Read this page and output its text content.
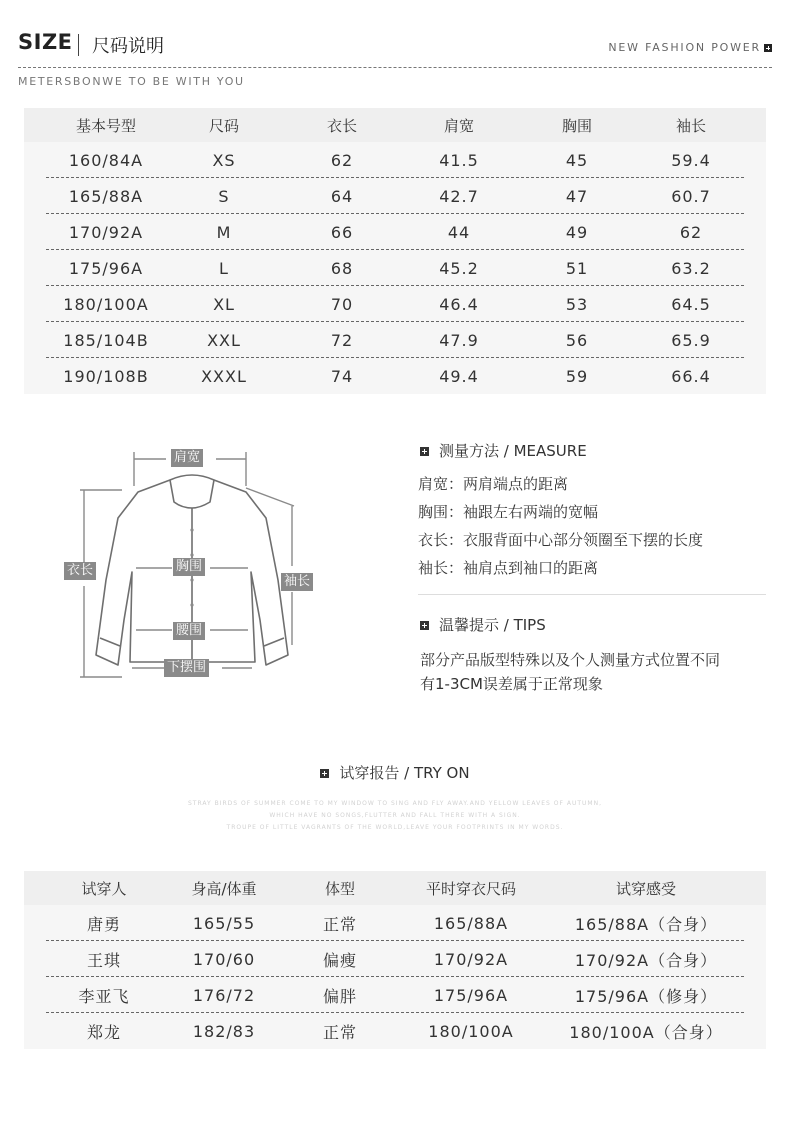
SIZE 尺码说明	NEW FASHION POWER
METERSBONWE TO BE WITH YOU
基本号型	尺码	衣长	肩宽	胸围	袖长
160/84A	XS	62	41.5	45	59.4
165/88A	S	64	42.7	47	60.7
170/92A	M	66	44	49	62
175/96A	L	68	45.2	51	63.2
180/100A	XL	70	46.4	53	64.5
185/104B	XXL	72	47.9	56	65.9
190/108B	XXXL	74	49.4	59	66.4
肩宽
衣长	胸围
袖长
腰围
下摆围
测量方法 / MEASURE
肩宽：两肩端点的距离
胸围：袖跟左右两端的宽幅
衣长：衣服背面中心部分领圈至下摆的长度
袖长：袖肩点到袖口的距离
温馨提示 / TIPS
部分产品版型特殊以及个人测量方式位置不同
有1-3CM误差属于正常现象
试穿报告 / TRY ON
STRAY BIRDS OF SUMMER COME TO MY WINDOW TO SING AND FLY AWAY.AND YELLOW LEAVES OF AUTUMN,
WHICH HAVE NO SONGS,FLUTTER AND FALL THERE WITH A SIGN.
TROUPE OF LITTLE VAGRANTS OF THE WORLD,LEAVE YOUR FOOTPRINTS IN MY WORDS.
试穿人	身高/体重	体型	平时穿衣尺码	试穿感受
唐勇	165/55	正常	165/88A	165/88A（合身）
王琪	170/60	偏瘦	170/92A	170/92A（合身）
李亚飞	176/72	偏胖	175/96A	175/96A（修身）
郑龙	182/83	正常	180/100A	180/100A（合身）
